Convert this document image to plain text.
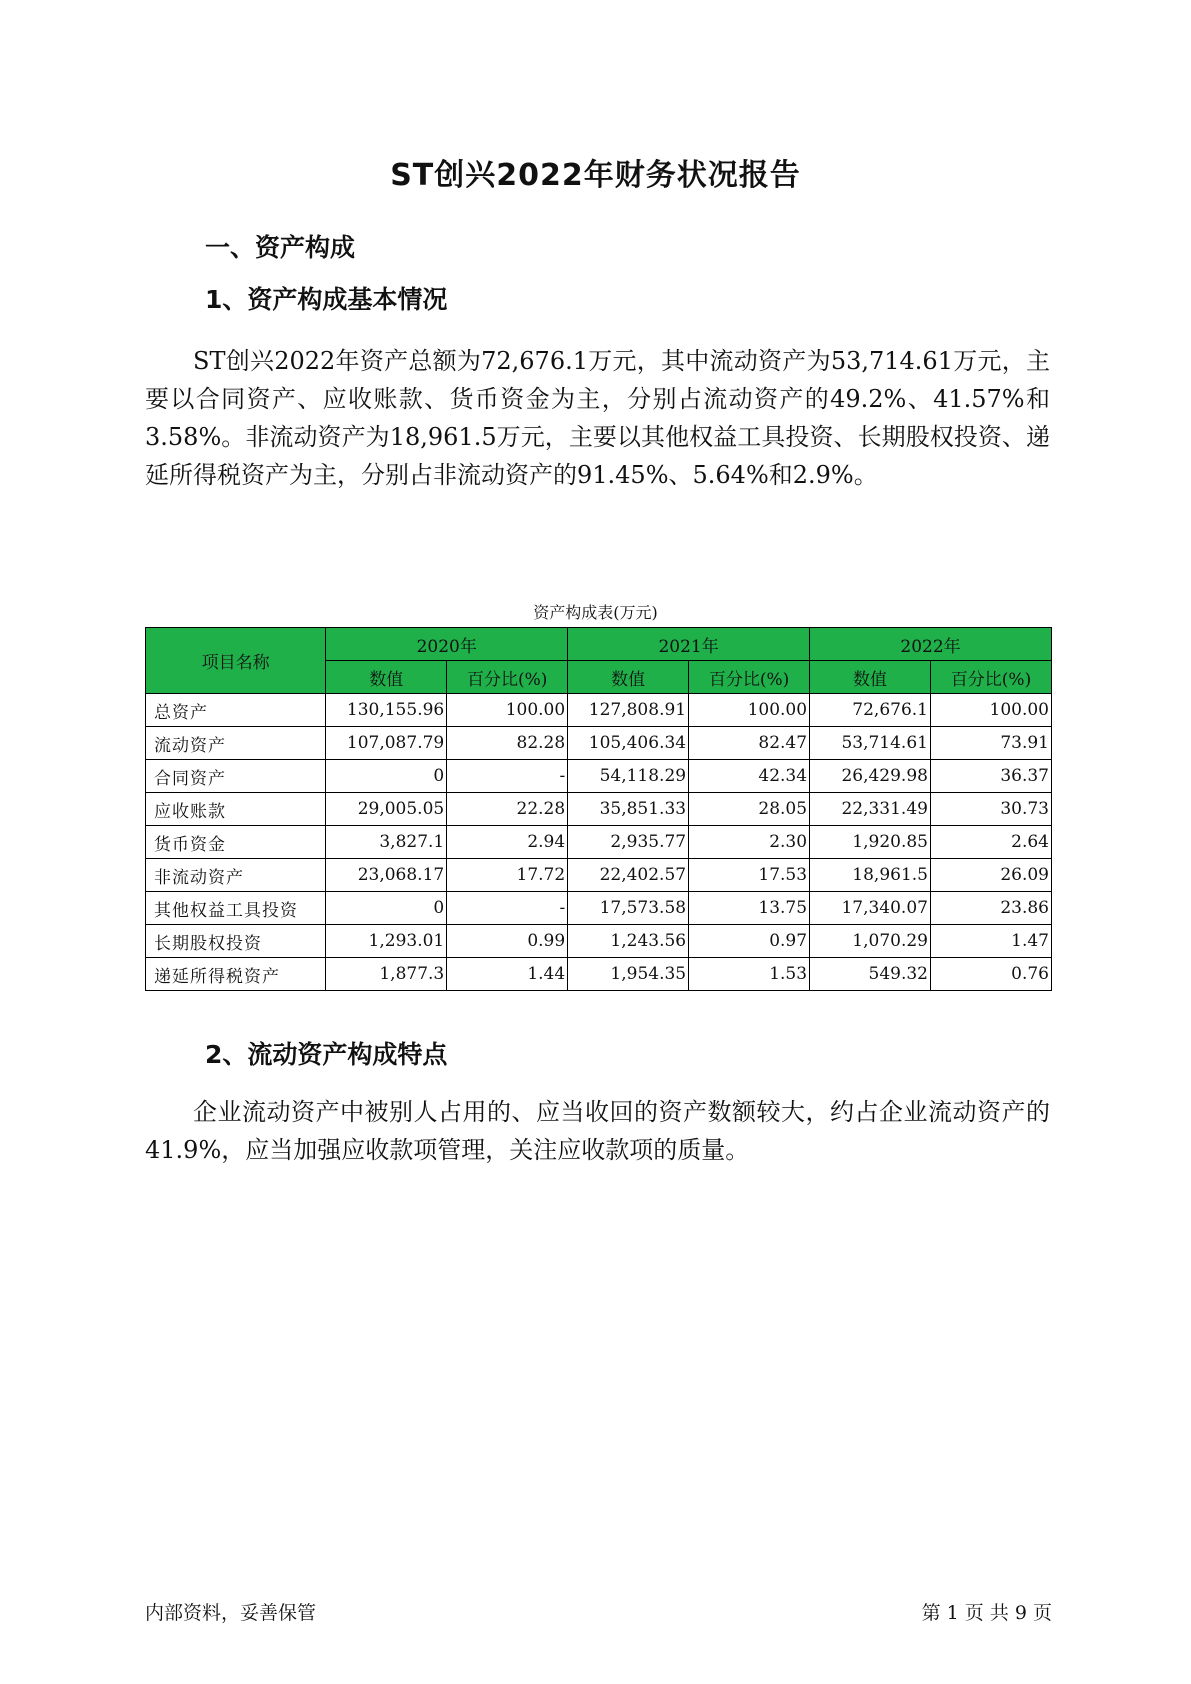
ST创兴2022年财务状况报告
一、资产构成
1、资产构成基本情况
ST创兴2022年资产总额为72,676.1万元，其中流动资产为53,714.61万元，主要以合同资产、应收账款、货币资金为主，分别占流动资产的49.2%、41.57%和3.58%。非流动资产为18,961.5万元，主要以其他权益工具投资、长期股权投资、递延所得税资产为主，分别占非流动资产的91.45%、5.64%和2.9%。
资产构成表(万元)
项目名称	2020年		2021年		2022年	
	数值	百分比(%)	数值	百分比(%)	数值	百分比(%)
总资产	130,155.96	100.00	127,808.91	100.00	72,676.1	100.00
流动资产	107,087.79	82.28	105,406.34	82.47	53,714.61	73.91
合同资产	0	-	54,118.29	42.34	26,429.98	36.37
应收账款	29,005.05	22.28	35,851.33	28.05	22,331.49	30.73
货币资金	3,827.1	2.94	2,935.77	2.30	1,920.85	2.64
非流动资产	23,068.17	17.72	22,402.57	17.53	18,961.5	26.09
其他权益工具投资	0	-	17,573.58	13.75	17,340.07	23.86
长期股权投资	1,293.01	0.99	1,243.56	0.97	1,070.29	1.47
递延所得税资产	1,877.3	1.44	1,954.35	1.53	549.32	0.76
2、流动资产构成特点
企业流动资产中被别人占用的、应当收回的资产数额较大，约占企业流动资产的41.9%，应当加强应收款项管理，关注应收款项的质量。
内部资料，妥善保管	第 1 页 共 9 页
